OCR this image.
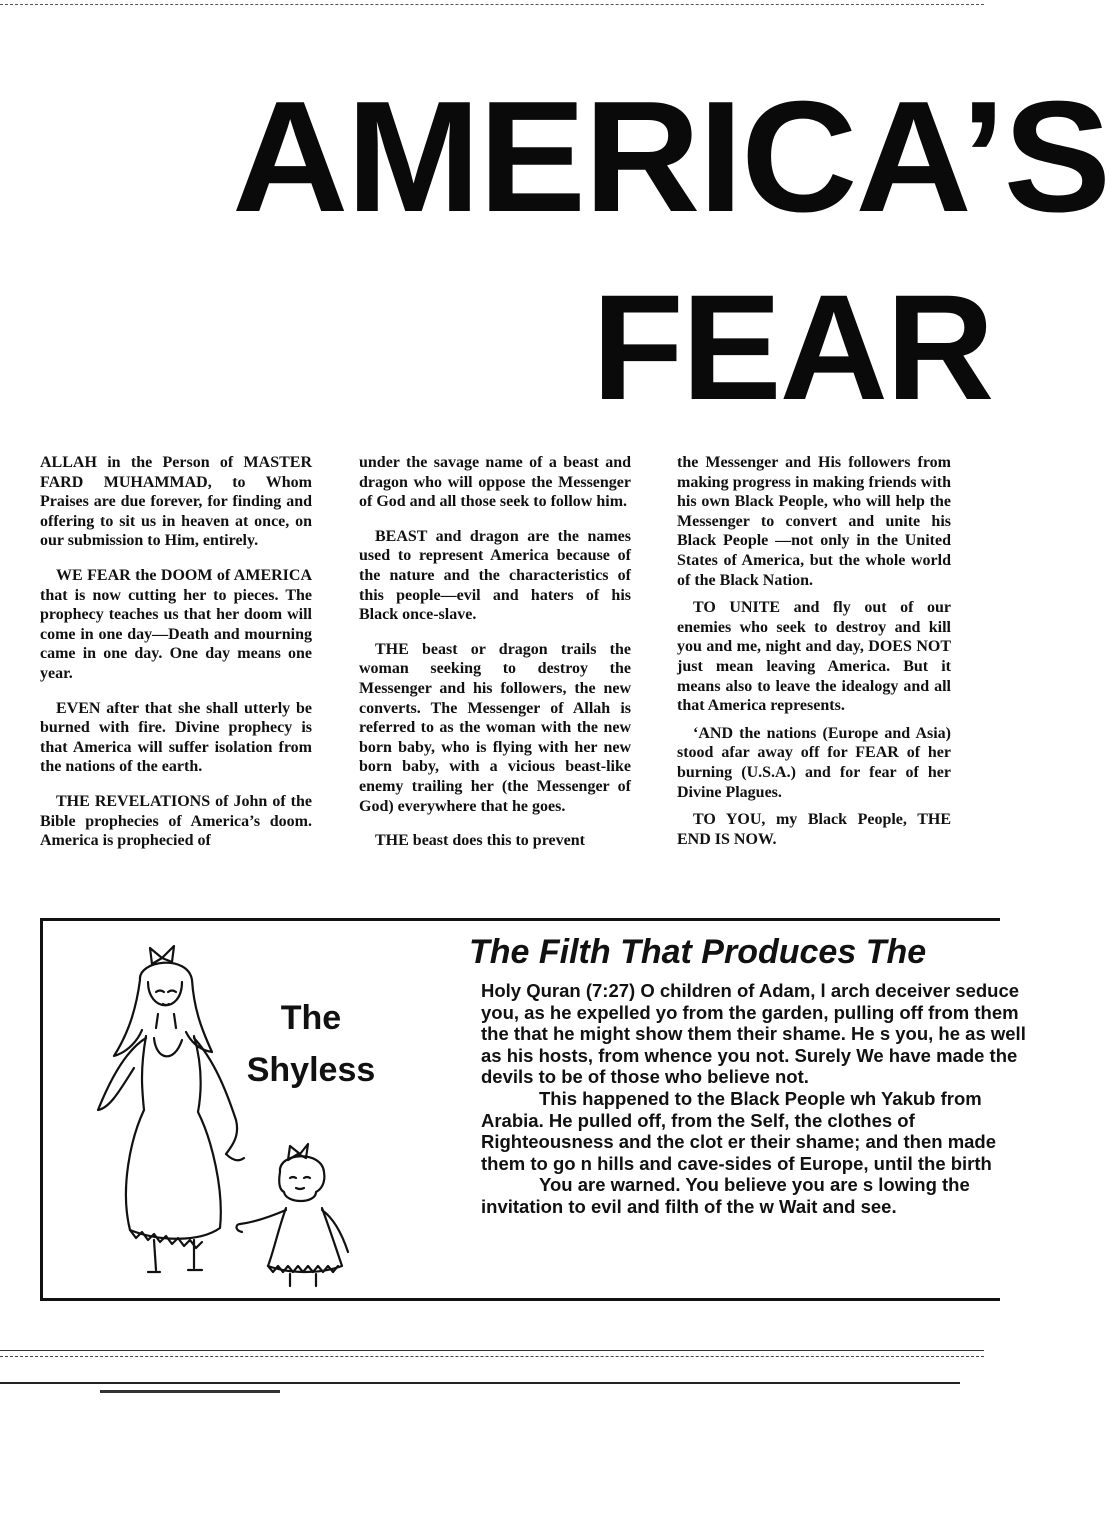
AMERICA’S
FEAR

ALLAH in the Person of MASTER FARD MUHAMMAD, to Whom Praises are due forever, for finding and offering to sit us in heaven at once, on our submission to Him, entirely.

WE FEAR the DOOM of AMERICA that is now cutting her to pieces. The prophecy teaches us that her doom will come in one day—Death and mourning came in one day. One day means one year.

EVEN after that she shall utterly be burned with fire. Divine prophecy is that America will suffer isolation from the nations of the earth.

THE REVELATIONS of John of the Bible prophecies of America’s doom. America is prophecied of

under the savage name of a beast and dragon who will oppose the Messenger of God and all those seek to follow him.

BEAST and dragon are the names used to represent America because of the nature and the characteristics of this people—evil and haters of his Black once-slave.

THE beast or dragon trails the woman seeking to destroy the Messenger and his followers, the new converts. The Messenger of Allah is referred to as the woman with the new born baby, who is flying with her new born baby, with a vicious beast-like enemy trailing her (the Messenger of God) everywhere that he goes.

THE beast does this to prevent

the Messenger and His followers from making progress in making friends with his own Black People, who will help the Messenger to convert and unite his Black People —not only in the United States of America, but the whole world of the Black Nation.

TO UNITE and fly out of our enemies who seek to destroy and kill you and me, night and day, DOES NOT just mean leaving America. But it means also to leave the idealogy and all that America represents.

‘AND the nations (Europe and Asia) stood afar away off for FEAR of her burning (U.S.A.) and for fear of her Divine Plagues.

TO YOU, my Black People, THE END IS NOW.

The
Shyless
The Filth That Produces The

Holy Quran (7:27) O children of Adam, l arch deceiver seduce you, as he expelled yo from the garden, pulling off from them the that he might show them their shame. He s you, he as well as his hosts, from whence you not. Surely We have made the devils to be of those who believe not.

This happened to the Black People wh Yakub from Arabia. He pulled off, from the Self, the clothes of Righteousness and the clot er their shame; and then made them to go n hills and cave-sides of Europe, until the birth

You are warned. You believe you are s lowing the invitation to evil and filth of the w Wait and see.
